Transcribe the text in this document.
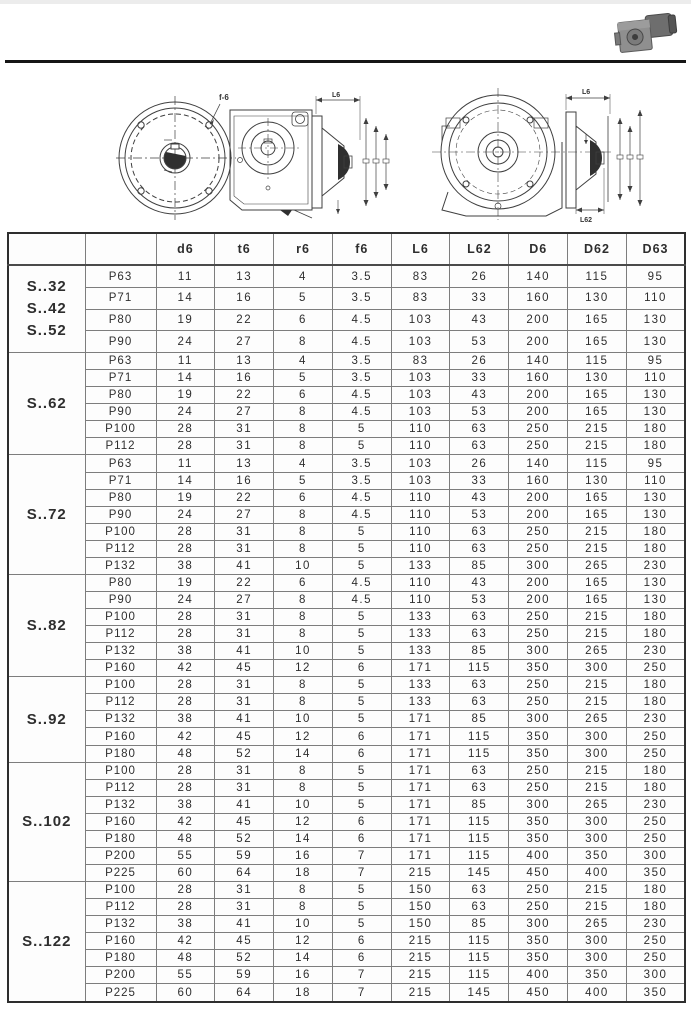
f-6	L6	L6
L62
		d6	t6	r6	f6	L6	L62	D6	D62	D63

S..32
S..42
S..52	P63	11	13	4	3.5	83	26	140	115	95
	P71	14	16	5	3.5	83	33	160	130	110
	P80	19	22	6	4.5	103	43	200	165	130
	P90	24	27	8	4.5	103	53	200	165	130

S..62	P63	11	13	4	3.5	83	26	140	115	95
	P71	14	16	5	3.5	103	33	160	130	110
	P80	19	22	6	4.5	103	43	200	165	130
	P90	24	27	8	4.5	103	53	200	165	130
	P100	28	31	8	5	110	63	250	215	180
	P112	28	31	8	5	110	63	250	215	180

S..72	P63	11	13	4	3.5	103	26	140	115	95
	P71	14	16	5	3.5	103	33	160	130	110
	P80	19	22	6	4.5	110	43	200	165	130
	P90	24	27	8	4.5	110	53	200	165	130
	P100	28	31	8	5	110	63	250	215	180
	P112	28	31	8	5	110	63	250	215	180
	P132	38	41	10	5	133	85	300	265	230

S..82	P80	19	22	6	4.5	110	43	200	165	130
	P90	24	27	8	4.5	110	53	200	165	130
	P100	28	31	8	5	133	63	250	215	180
	P112	28	31	8	5	133	63	250	215	180
	P132	38	41	10	5	133	85	300	265	230
	P160	42	45	12	6	171	115	350	300	250

S..92	P100	28	31	8	5	133	63	250	215	180
	P112	28	31	8	5	133	63	250	215	180
	P132	38	41	10	5	171	85	300	265	230
	P160	42	45	12	6	171	115	350	300	250
	P180	48	52	14	6	171	115	350	300	250

S..102	P100	28	31	8	5	171	63	250	215	180
	P112	28	31	8	5	171	63	250	215	180
	P132	38	41	10	5	171	85	300	265	230
	P160	42	45	12	6	171	115	350	300	250
	P180	48	52	14	6	171	115	350	300	250
	P200	55	59	16	7	171	115	400	350	300
	P225	60	64	18	7	215	145	450	400	350

S..122	P100	28	31	8	5	150	63	250	215	180
	P112	28	31	8	5	150	63	250	215	180
	P132	38	41	10	5	150	85	300	265	230
	P160	42	45	12	6	215	115	350	300	250
	P180	48	52	14	6	215	115	350	300	250
	P200	55	59	16	7	215	115	400	350	300
	P225	60	64	18	7	215	145	450	400	350
